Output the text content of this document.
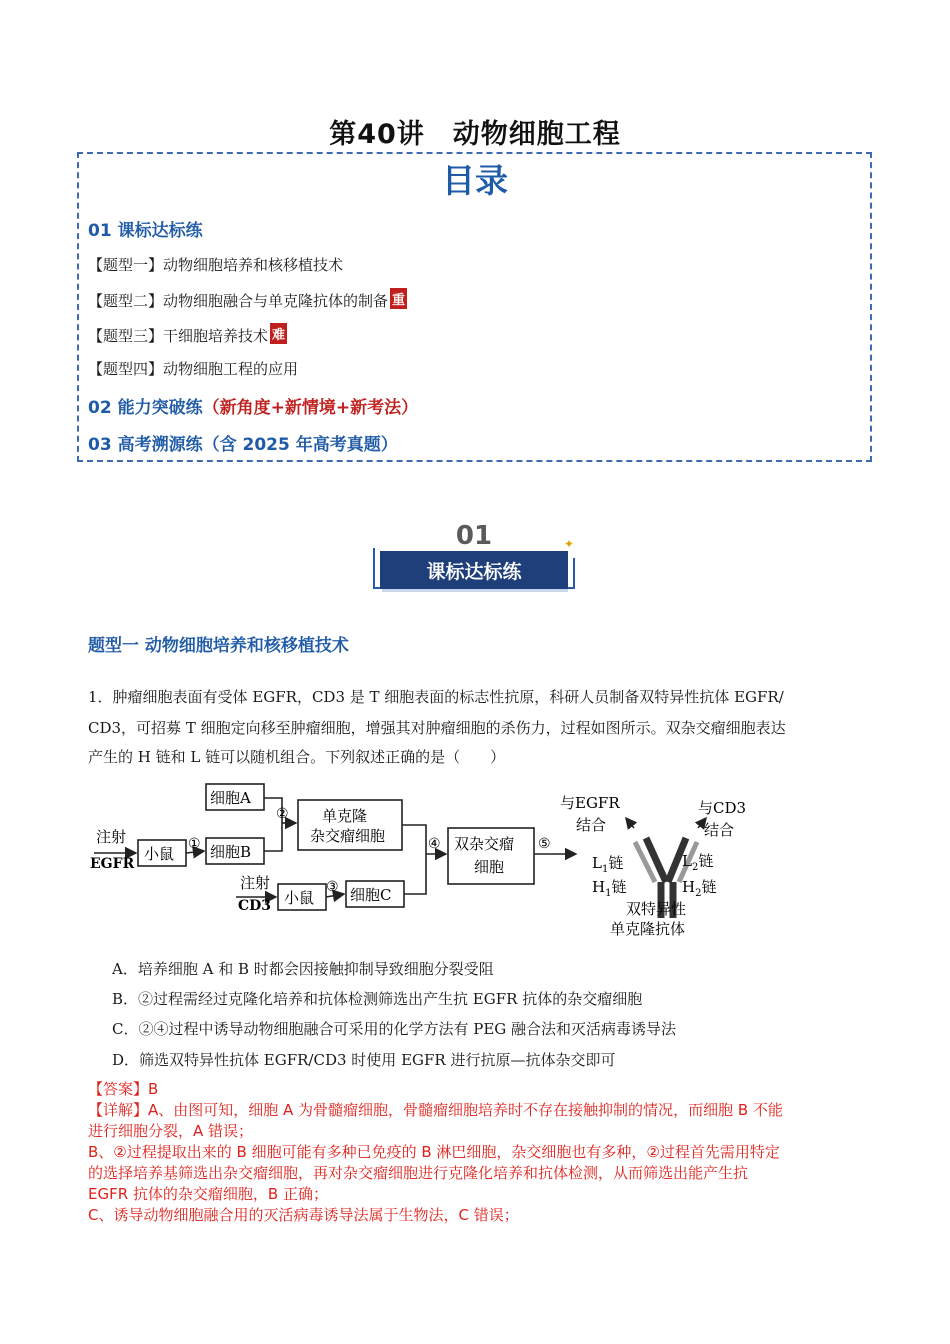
第40讲　动物细胞工程
目录
01 课标达标练
【题型一】动物细胞培养和核移植技术
【题型二】动物细胞融合与单克隆抗体的制备 重
【题型三】干细胞培养技术 难
【题型四】动物细胞工程的应用
02 能力突破练（新角度+新情境+新考法）
03 高考溯源练（含 2025 年高考真题）
01
课标达标练
✦
题型一 动物细胞培养和核移植技术
1．肿瘤细胞表面有受体 EGFR，CD3 是 T 细胞表面的标志性抗原，科研人员制备双特异性抗体 EGFR/
CD3，可招募 T 细胞定向移至肿瘤细胞，增强其对肿瘤细胞的杀伤力，过程如图所示。双杂交瘤细胞表达
产生的 H 链和 L 链可以随机组合。下列叙述正确的是（　　）
注射
EGFR
小鼠
细胞A
细胞B
①
② 单克隆
杂交瘤细胞
注射
CD3 小鼠
③ 细胞C
④ 双杂交瘤
细胞
⑤
与EGFR
结合
与CD3
结合
$L_1$链	$L_2$链
$H_1$链	$H_2$链
双特异性
单克隆抗体
A．培养细胞 A 和 B 时都会因接触抑制导致细胞分裂受阻
B．②过程需经过克隆化培养和抗体检测筛选出产生抗 EGFR 抗体的杂交瘤细胞
C．②④过程中诱导动物细胞融合可采用的化学方法有 PEG 融合法和灭活病毒诱导法
D．筛选双特异性抗体 EGFR/CD3 时使用 EGFR 进行抗原—抗体杂交即可
【答案】B
【详解】A、由图可知，细胞 A 为骨髓瘤细胞，骨髓瘤细胞培养时不存在接触抑制的情况，而细胞 B 不能
进行细胞分裂，A 错误；
B、②过程提取出来的 B 细胞可能有多种已免疫的 B 淋巴细胞，杂交细胞也有多种，②过程首先需用特定
的选择培养基筛选出杂交瘤细胞，再对杂交瘤细胞进行克隆化培养和抗体检测，从而筛选出能产生抗
EGFR 抗体的杂交瘤细胞，B 正确；
C、诱导动物细胞融合用的灭活病毒诱导法属于生物法，C 错误；
